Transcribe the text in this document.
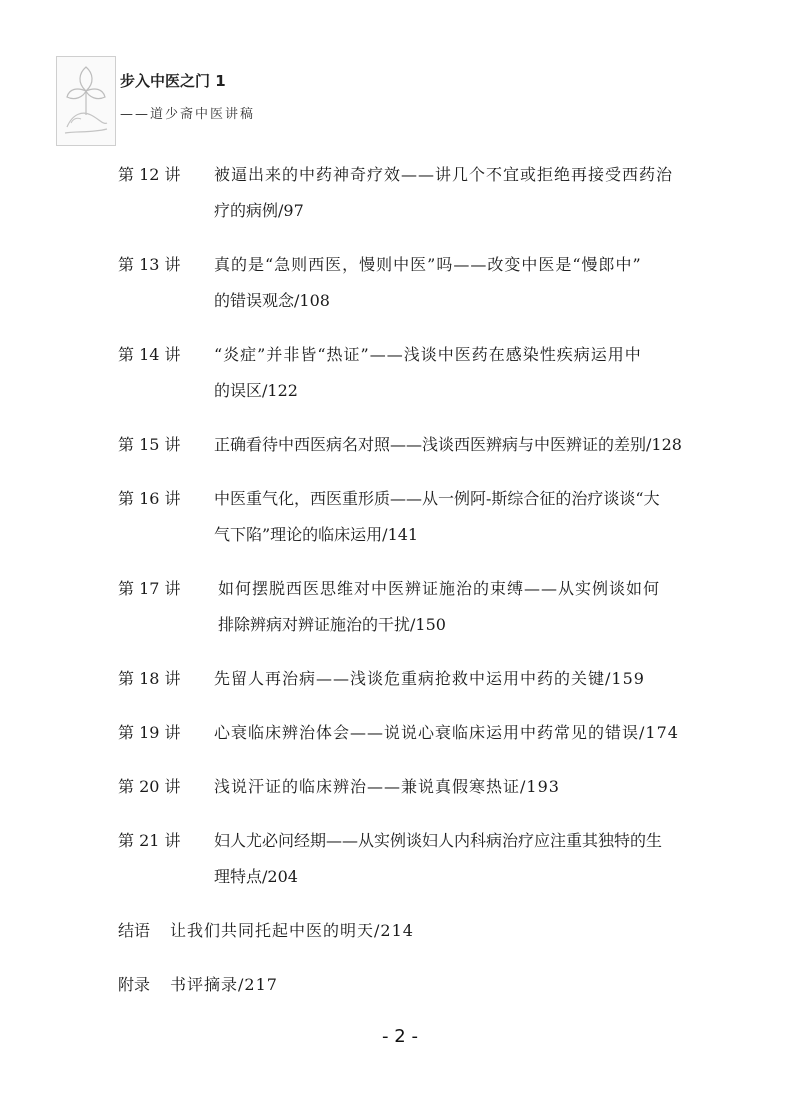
步入中医之门 1
——道少斋中医讲稿
第 12 讲 被逼出来的中药神奇疗效——讲几个不宜或拒绝再接受西药治
疗的病例/97
第 13 讲 真的是“急则西医，慢则中医”吗——改变中医是“慢郎中”
的错误观念/108
第 14 讲 “炎症”并非皆“热证”——浅谈中医药在感染性疾病运用中
的误区/122
第 15 讲 正确看待中西医病名对照——浅谈西医辨病与中医辨证的差别/128
第 16 讲 中医重气化，西医重形质——从一例阿-斯综合征的治疗谈谈“大
气下陷”理论的临床运用/141
第 17 讲 如何摆脱西医思维对中医辨证施治的束缚——从实例谈如何
排除辨病对辨证施治的干扰/150
第 18 讲 先留人再治病——浅谈危重病抢救中运用中药的关键/159
第 19 讲 心衰临床辨治体会——说说心衰临床运用中药常见的错误/174
第 20 讲 浅说汗证的临床辨治——兼说真假寒热证/193
第 21 讲 妇人尤必问经期——从实例谈妇人内科病治疗应注重其独特的生
理特点/204
结语 让我们共同托起中医的明天/214
附录 书评摘录/217
- 2 -
